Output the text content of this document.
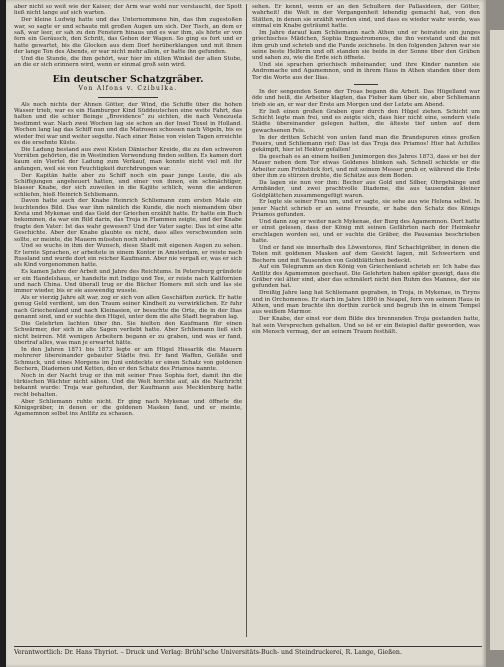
aber nicht so weit wie der Kaiser, der Arm war wohl nur verstaucht, der Spott ließ nicht lange auf sich warten.

Der kleine Ludwig hatte und das Unternommene hin, das ihm zugestoßen war, so sagte er und schaute mit großen Augen um sich. Der Tisch, an dem er saß, war leer, er sah zu den Fenstern hinaus und es war ihm, als hörte er von fern ein Geräusch, den Schritt, das Gehen der Wagen. So ging es fort und er hatte gewartet, bis die Glocken aus dem Dorf herüberklangen und mit ihnen der lange Ton des Abends, er war nicht mehr allein, er hatte ihn gefunden.

Und die Stunde, die ihm gehört, war hier im stillen Winkel der alten Stube, an die er sich erinnern wird, wenn er einmal groß sein wird.

Ein deutscher Schatzgräber.
Von Alfons v. Czibulka.

Als noch nichts der Ahnen Götter, der Wind, die Schiffe über die hohen Wasser trieb, war es ein Hamburger Kind Süddeutschen eine weite Fahrt, das halten und die schier Beinge „Brovidence“ zu sichten, die nach Venezuela bestimmt war. Nach zwei Wochen lag sie schon an der Insel Texel in Holland. Wochen lang lag das Schiff nun und die Matrosen schossen nach Vögeln, bis es wieder frei war und weiter segelte. Nach einer Reise von vielen Tagen erreichte es die ersehnte Küste.

Die Ladung bestand aus zwei Kisten Dänischer Kreide, die zu den schweren Vorräten gehörten, die in Westindien Verwendung finden sollten. Es kamen dort kaum ein Viertel der Ladung zum Verkauf, man konnte nicht viel mit ihr anfangen, weil sie von Feuchtigkeit durchdrungen war.

Der Kapitän hatte aber zu Schiff noch ein paar junge Leute, die als Schiffsjungen angeheuert hatten, und einer von ihnen, ein schmächtiger, blasser Knabe, der sich zuweilen in die Kajüte schlich, wenn die anderen schliefen, hieß Heinrich Schliemann.

Davon hatte auch der Knabe Heinrich Schliemann zum ersten Male ein leuchtendes Bild. Das war ihm nämlich die Kunde, die noch niemandem über Kreta und Mykenae und das Gold der Griechen erzählt hatte. Er hatte ein Buch bekommen, da war ein Bild darin, das Troja in Flammen zeigte, und der Knabe fragte den Vater: Ist das wahr gewesen? Und der Vater sagte: Das ist eine alte Geschichte. Aber der Knabe glaubte es nicht, dass alles verschwunden sein sollte, er meinte, die Mauern müssten noch stehen.

Und so wuchs in ihm der Wunsch, diese Stadt mit eigenen Augen zu sehen. Er lernte Sprachen, er arbeitete in einem Kontor in Amsterdam, er reiste nach Russland und wurde dort ein reicher Kaufmann. Aber nie vergaß er, was er sich als Kind vorgenommen hatte.

Es kamen Jahre der Arbeit und Jahre des Reichtums. In Petersburg gründete er ein Handelshaus, er handelte mit Indigo und Tee, er reiste nach Kalifornien und nach China. Und überall trug er die Bücher Homers mit sich und las sie immer wieder, bis er sie auswendig wusste.

Als er vierzig Jahre alt war, zog er sich von allen Geschäften zurück. Er hatte genug Geld verdient, um den Traum seiner Kindheit zu verwirklichen. Er fuhr nach Griechenland und nach Kleinasien, er besuchte die Orte, die in der Ilias genannt sind, und er suchte den Hügel, unter dem die alte Stadt begraben lag.

Die Gelehrten lachten über ihn. Sie hielten den Kaufmann für einen Schwärmer, der sich in alte Sagen verliebt hatte. Aber Schliemann ließ sich nicht beirren. Mit wenigen Arbeitern begann er zu graben, und was er fand, übertraf alles, was man je erwartet hätte.

In den Jahren 1871 bis 1873 legte er am Hügel Hissarlik die Mauern mehrerer übereinander gebauter Städte frei. Er fand Waffen, Gefäße und Schmuck, und eines Morgens im Juni entdeckte er einen Schatz von goldenen Bechern, Diademen und Ketten, den er den Schatz des Priamos nannte.

Noch in der Nacht trug er ihn mit seiner Frau Sophia fort, damit ihn die türkischen Wächter nicht sähen. Und die Welt horchte auf, als die Nachricht bekannt wurde: Troja war gefunden, der Kaufmann aus Mecklenburg hatte recht behalten.

Aber Schliemann ruhte nicht. Er ging nach Mykenae und öffnete die Königsgräber, in denen er die goldenen Masken fand, und er meinte, Agamemnon selbst ins Antlitz zu schauen.

sehen. Er kennt, wenn er an den Schultern der Pallasideen, der Götter, wahrheit! die Welt in der Vergangenheit lebendig gemacht hat, von den Stätten, in denen sie erzählt worden sind, und dass es wieder wahr werde, was einmal ein Knabe geträumt hatte.

Im Jahre darauf kam Schliemann nach Athen und er heiratete ein junges griechisches Mädchen, Sophia Engastromenos, die ihn verstand und die mit ihm grub und schrieb und die Funde zeichnete. In den folgenden Jahren war sie seine beste Helferin und oft standen sie beide in der Sonne über den Gräben und sahen zu, wie die Erde sich öffnete.

Und sie sprachen griechisch miteinander, und ihre Kinder nannten sie Andromache und Agamemnon, und in ihrem Haus in Athen standen über dem Tor die Worte aus der Ilias.

In der sengenden Sonne der Troas begann die Arbeit. Das Hügelland war öde und heiß, die Arbeiter klagten, das Fieber kam über sie, aber Schliemann trieb sie an, er war der Erste am Morgen und der Letzte am Abend.

Er ließ einen großen Graben quer durch den Hügel ziehen. Schicht um Schicht legte man frei, und es zeigte sich, dass hier nicht eine, sondern viele Städte übereinander gelegen hatten, die älteste tief unten auf dem gewachsenen Fels.

In der dritten Schicht von unten fand man die Brandspuren eines großen Feuers, und Schliemann rief: Das ist das Troja des Priamos! Hier hat Achilles gekämpft, hier ist Hektor gefallen!

Da geschah es an einem heißen Junimorgen des Jahres 1873, dass er bei der Mauer neben dem Tor etwas Goldenes blinken sah. Schnell schickte er die Arbeiter zum Frühstück fort, und mit seinem Messer grub er, während die Erde über ihm zu stürzen drohte, die Schätze aus dem Boden.

Da lagen sie nun vor ihm: Becher aus Gold und Silber, Ohrgehänge und Armbänder, und zwei prachtvolle Diademe, die aus tausenden kleiner Goldplättchen zusammengefügt waren.

Er legte sie seiner Frau um, und er sagte, sie sehe aus wie Helena selbst. In jener Nacht schrieb er an seine Freunde, er habe den Schatz des Königs Priamos gefunden.

Und dann zog er weiter nach Mykenae, der Burg des Agamemnon. Dort hatte er einst gelesen, dass der König mit seinen Gefährten nach der Heimkehr erschlagen worden sei, und er suchte die Gräber, die Pausanias beschrieben hatte.

Und er fand sie innerhalb des Löwentores, fünf Schachtgräber, in denen die Toten mit goldenen Masken auf dem Gesicht lagen, mit Schwertern und Bechern und mit Tausenden von Goldblättchen bedeckt.

Auf ein Telegramm an den König von Griechenland schrieb er: Ich habe das Antlitz des Agamemnon geschaut. Die Gelehrten haben später gezeigt, dass die Gräber viel älter sind, aber das schmälert nicht den Ruhm des Mannes, der sie gefunden hat.

Dreißig Jahre lang hat Schliemann gegraben, in Troja, in Mykenae, in Tiryns und in Orchomenos. Er starb im Jahre 1890 in Neapel, fern von seinem Haus in Athen, und man brachte ihn dorthin zurück und begrub ihn in einem Tempel aus weißem Marmor.

Der Knabe, der einst vor dem Bilde des brennenden Troja gestanden hatte, hat sein Versprechen gehalten. Und so ist er ein Beispiel dafür geworden, was ein Mensch vermag, der an seinem Traum festhält.

Verantwortlich: Dr. Hans Thyriot. – Druck und Verlag: Brühl’sche Universitäts-Buch- und Steindruckerei, R. Lange, Gießen.
